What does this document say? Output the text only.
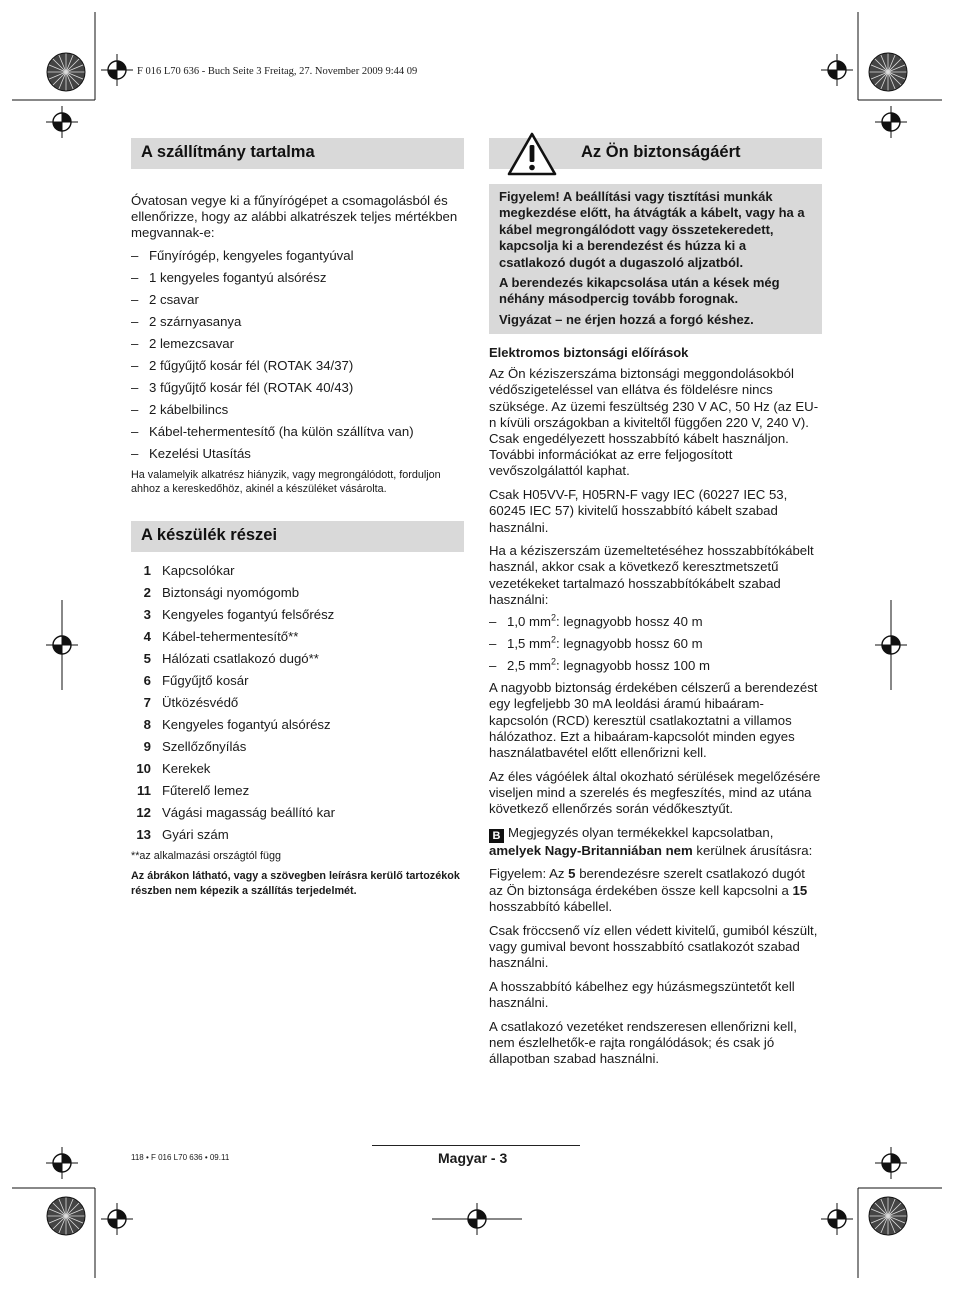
F 016 L70 636 - Buch Seite 3 Freitag, 27. November 2009 9:44 09
A szállítmány tartalma

Óvatosan vegye ki a fűnyírógépet a csomagolásból és ellenőrizze, hogy az alábbi alkatrészek teljes mértékben megvannak-e:

– Fűnyírógép, kengyeles fogantyúval
– 1 kengyeles fogantyú alsórész
– 2 csavar
– 2 szárnyasanya
– 2 lemezcsavar
– 2 fűgyűjtő kosár fél (ROTAK 34/37)
– 3 fűgyűjtő kosár fél (ROTAK 40/43)
– 2 kábelbilincs
– Kábel-tehermentesítő (ha külön szállítva van)
– Kezelési Utasítás

Ha valamelyik alkatrész hiányzik, vagy megrongálódott, forduljon ahhoz a kereskedőhöz, akinél a készüléket vásárolta.

A készülék részei
1 Kapcsolókar
2 Biztonsági nyomógomb
3 Kengyeles fogantyú felsőrész
4 Kábel-tehermentesítő**
5 Hálózati csatlakozó dugó**
6 Fűgyűjtő kosár
7 Ütközésvédő
8 Kengyeles fogantyú alsórész
9 Szellőzőnyílás
10 Kerekek
11 Fűterelő lemez
12 Vágási magasság beállító kar
13 Gyári szám

**az alkalmazási országtól függ

Az ábrákon látható, vagy a szövegben leírásra kerülő tartozékok részben nem képezik a szállítás terjedelmét.

Az Ön biztonságáért

Figyelem! A beállítási vagy tisztítási munkák megkezdése előtt, ha átvágták a kábelt, vagy ha a kábel megrongálódott vagy összetekeredett, kapcsolja ki a berendezést és húzza ki a csatlakozó dugót a dugaszoló aljzatból.

A berendezés kikapcsolása után a kések még néhány másodpercig tovább forognak.

Vigyázat – ne érjen hozzá a forgó késhez.

Elektromos biztonsági előírások

Az Ön kéziszerszáma biztonsági meggondolásokból védőszigeteléssel van ellátva és földelésre nincs szüksége. Az üzemi feszültség 230 V AC, 50 Hz (az EU-n kívüli országokban a kiviteltől függően 220 V, 240 V). Csak engedélyezett hosszabbító kábelt használjon. További információkat az erre feljogosított vevőszolgálattól kaphat.

Csak H05VV-F, H05RN-F vagy IEC (60227 IEC 53, 60245 IEC 57) kivitelű hosszabbító kábelt szabad használni.

Ha a kéziszerszám üzemeltetéséhez hosszabbítókábelt használ, akkor csak a következő keresztmetszetű vezetékeket tartalmazó hosszabbítókábelt szabad használni:

– 1,0 $mm^2$: legnagyobb hossz 40 m
– 1,5 $mm^2$: legnagyobb hossz 60 m
– 2,5 $mm^2$: legnagyobb hossz 100 m

A nagyobb biztonság érdekében célszerű a berendezést egy legfeljebb 30 mA leoldási áramú hibaáram-kapcsolón (RCD) keresztül csatlakoztatni a villamos hálózathoz. Ezt a hibaáram-kapcsolót minden egyes használatbavétel előtt ellenőrizni kell.

Az éles vágóélek által okozható sérülések megelőzésére viseljen mind a szerelés és megfeszítés, mind az utána következő ellenőrzés során védőkesztyűt.

B Megjegyzés olyan termékekkel kapcsolatban, amelyek Nagy-Britanniában nem kerülnek árusításra:

Figyelem: Az 5 berendezésre szerelt csatlakozó dugót az Ön biztonsága érdekében össze kell kapcsolni a 15 hosszabbító kábellel.

Csak fröccsenő víz ellen védett kivitelű, gumiból készült, vagy gumival bevont hosszabbító csatlakozót szabad használni.

A hosszabbító kábelhez egy húzásmegszüntetőt kell használni.

A csatlakozó vezetéket rendszeresen ellenőrizni kell, nem észlelhetők-e rajta rongálódások; és csak jó állapotban szabad használni.

118 • F 016 L70 636 • 09.11	Magyar - 3
